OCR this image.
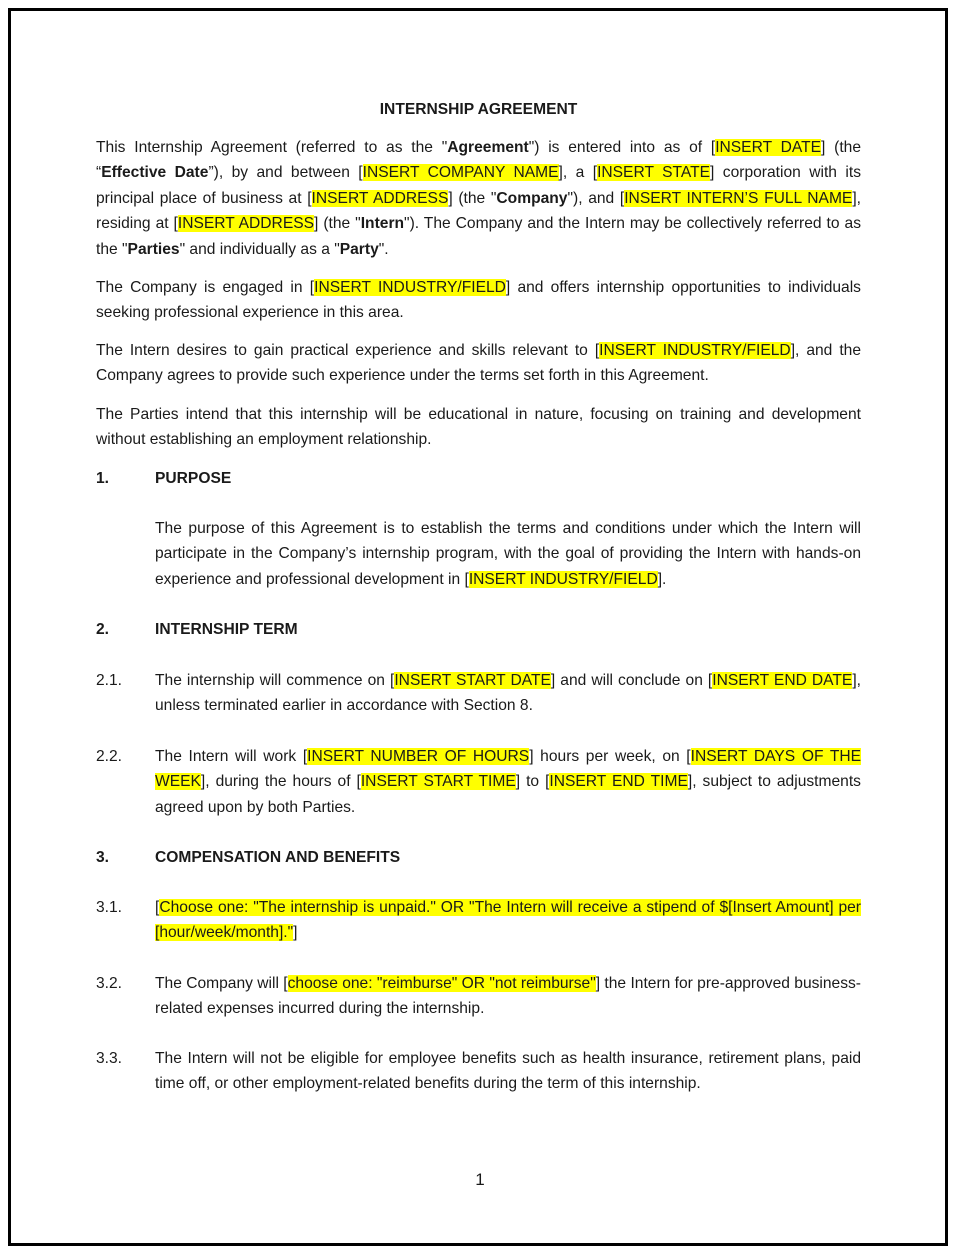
INTERNSHIP AGREEMENT

This Internship Agreement (referred to as the "Agreement") is entered into as of [INSERT DATE] (the “Effective Date”), by and between [INSERT COMPANY NAME], a [INSERT STATE] corporation with its principal place of business at [INSERT ADDRESS] (the "Company"), and [INSERT INTERN’S FULL NAME], residing at [INSERT ADDRESS] (the "Intern"). The Company and the Intern may be collectively referred to as the "Parties" and individually as a "Party".

The Company is engaged in [INSERT INDUSTRY/FIELD] and offers internship opportunities to individuals seeking professional experience in this area.

The Intern desires to gain practical experience and skills relevant to [INSERT INDUSTRY/FIELD], and the Company agrees to provide such experience under the terms set forth in this Agreement.

The Parties intend that this internship will be educational in nature, focusing on training and development without establishing an employment relationship.

1.	PURPOSE

The purpose of this Agreement is to establish the terms and conditions under which the Intern will participate in the Company’s internship program, with the goal of providing the Intern with hands-on experience and professional development in [INSERT INDUSTRY/FIELD].

2.	INTERNSHIP TERM
2.1.	The internship will commence on [INSERT START DATE] and will conclude on [INSERT END DATE], unless terminated earlier in accordance with Section 8.

2.2.	The Intern will work [INSERT NUMBER OF HOURS] hours per week, on [INSERT DAYS OF THE WEEK], during the hours of [INSERT START TIME] to [INSERT END TIME], subject to adjustments agreed upon by both Parties.

3.	COMPENSATION AND BENEFITS
3.1.	[Choose one: "The internship is unpaid." OR "The Intern will receive a stipend of $[Insert Amount] per [hour/week/month]."]

3.2.	The Company will [choose one: "reimburse" OR "not reimburse"] the Intern for pre-approved business-related expenses incurred during the internship.

3.3.	The Intern will not be eligible for employee benefits such as health insurance, retirement plans, paid time off, or other employment-related benefits during the term of this internship.

1
